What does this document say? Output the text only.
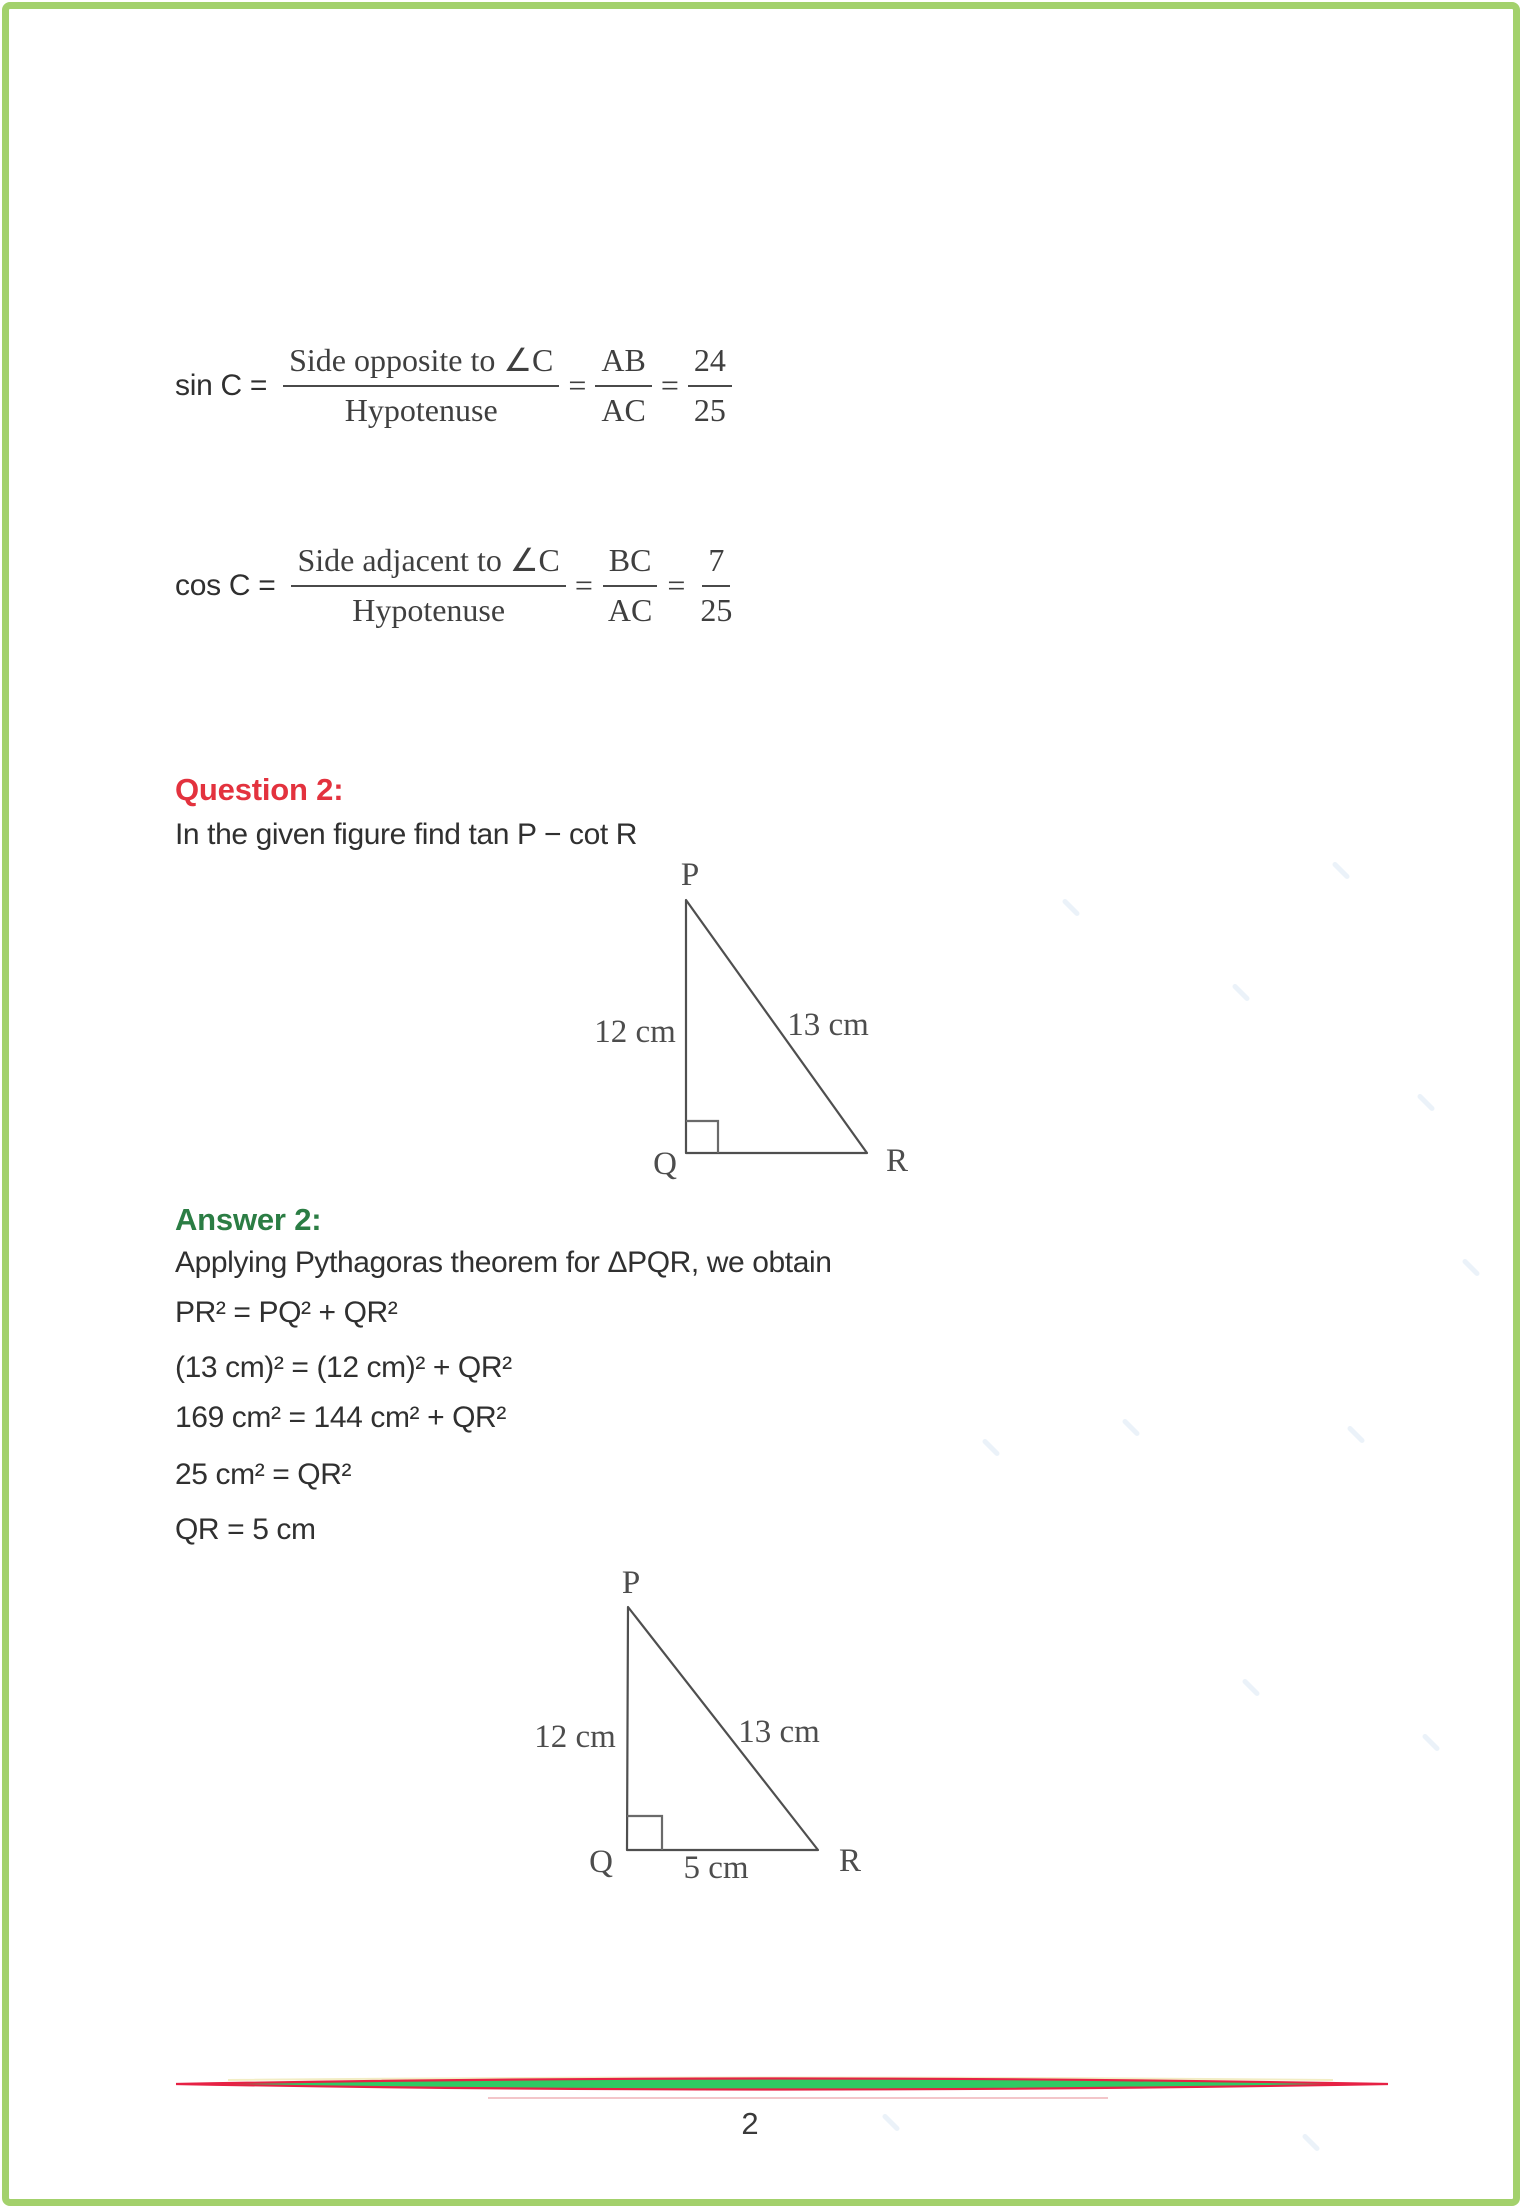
$\sin C = \frac{\text{Side opposite to ∠C}}{\text{Hypotenuse}} = \frac{AB}{AC} = \frac{24}{25}$
$\cos C = \frac{\text{Side adjacent to ∠C}}{\text{Hypotenuse}} = \frac{BC}{AC} = \frac{7}{25}$
Question 2:
In the given figure find tan P − cot R
P
Q	R
12 cm	13 cm
Answer 2:
Applying Pythagoras theorem for ΔPQR, we obtain
PR² = PQ² + QR²
(13 cm)² = (12 cm)² + QR²
169 cm² = 144 cm² + QR²
25 cm² = QR²
QR = 5 cm
P
Q	R
12 cm	13 cm
5 cm
2
